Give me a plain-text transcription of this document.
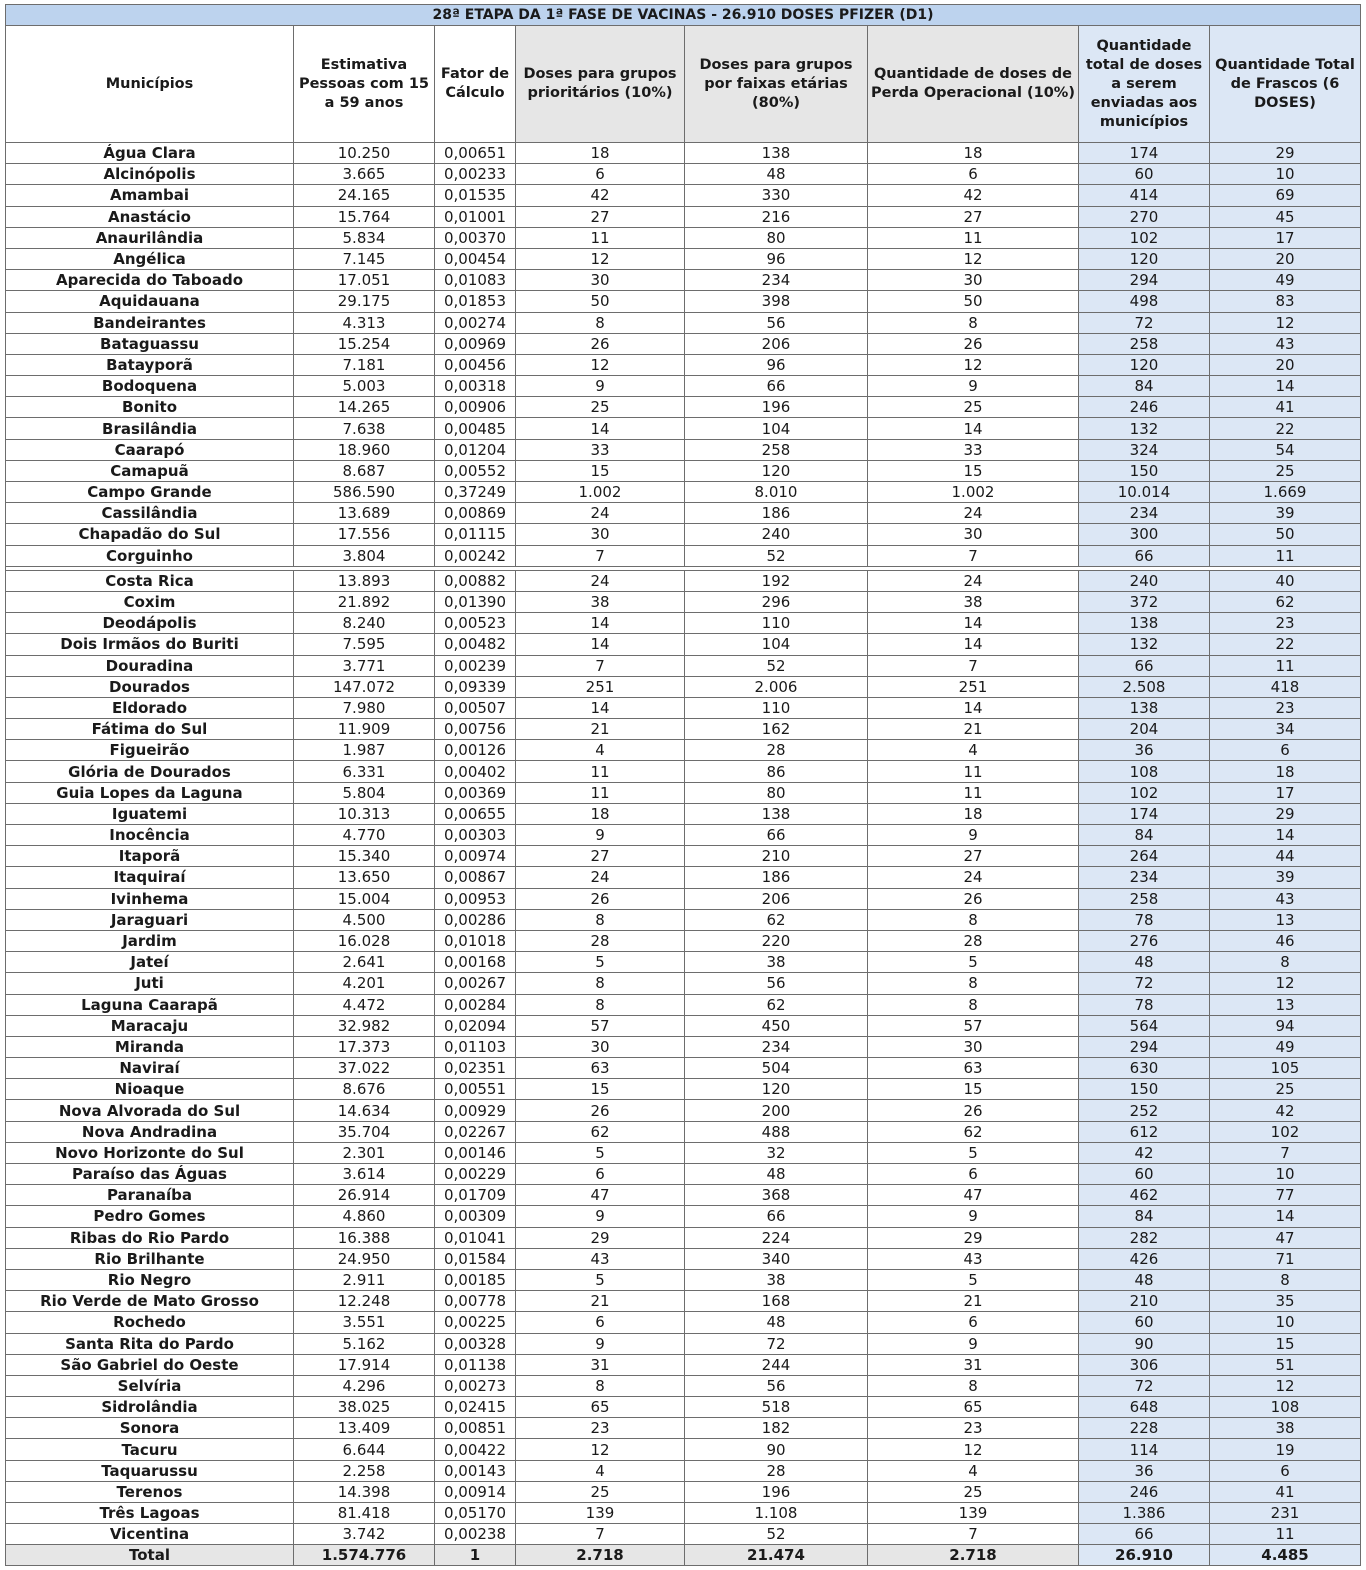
28ª ETAPA DA 1ª FASE DE VACINAS - 26.910 DOSES PFIZER (D1)							
Municípios	Estimativa Pessoas com 15 a 59 anos	Fator de Cálculo	Doses para grupos prioritários (10%)	Doses para grupos por faixas etárias (80%)	Quantidade de doses de Perda Operacional (10%)	Quantidade total de doses a serem enviadas aos municípios	Quantidade Total de Frascos (6 DOSES)
Água Clara	10.250	0,00651	18	138	18	174	29
Alcinópolis	3.665	0,00233	6	48	6	60	10
Amambai	24.165	0,01535	42	330	42	414	69
Anastácio	15.764	0,01001	27	216	27	270	45
Anaurilândia	5.834	0,00370	11	80	11	102	17
Angélica	7.145	0,00454	12	96	12	120	20
Aparecida do Taboado	17.051	0,01083	30	234	30	294	49
Aquidauana	29.175	0,01853	50	398	50	498	83
Bandeirantes	4.313	0,00274	8	56	8	72	12
Bataguassu	15.254	0,00969	26	206	26	258	43
Batayporã	7.181	0,00456	12	96	12	120	20
Bodoquena	5.003	0,00318	9	66	9	84	14
Bonito	14.265	0,00906	25	196	25	246	41
Brasilândia	7.638	0,00485	14	104	14	132	22
Caarapó	18.960	0,01204	33	258	33	324	54
Camapuã	8.687	0,00552	15	120	15	150	25
Campo Grande	586.590	0,37249	1.002	8.010	1.002	10.014	1.669
Cassilândia	13.689	0,00869	24	186	24	234	39
Chapadão do Sul	17.556	0,01115	30	240	30	300	50
Corguinho	3.804	0,00242	7	52	7	66	11

Costa Rica	13.893	0,00882	24	192	24	240	40
Coxim	21.892	0,01390	38	296	38	372	62
Deodápolis	8.240	0,00523	14	110	14	138	23
Dois Irmãos do Buriti	7.595	0,00482	14	104	14	132	22
Douradina	3.771	0,00239	7	52	7	66	11
Dourados	147.072	0,09339	251	2.006	251	2.508	418
Eldorado	7.980	0,00507	14	110	14	138	23
Fátima do Sul	11.909	0,00756	21	162	21	204	34
Figueirão	1.987	0,00126	4	28	4	36	6
Glória de Dourados	6.331	0,00402	11	86	11	108	18
Guia Lopes da Laguna	5.804	0,00369	11	80	11	102	17
Iguatemi	10.313	0,00655	18	138	18	174	29
Inocência	4.770	0,00303	9	66	9	84	14
Itaporã	15.340	0,00974	27	210	27	264	44
Itaquiraí	13.650	0,00867	24	186	24	234	39
Ivinhema	15.004	0,00953	26	206	26	258	43
Jaraguari	4.500	0,00286	8	62	8	78	13
Jardim	16.028	0,01018	28	220	28	276	46
Jateí	2.641	0,00168	5	38	5	48	8
Juti	4.201	0,00267	8	56	8	72	12
Laguna Caarapã	4.472	0,00284	8	62	8	78	13
Maracaju	32.982	0,02094	57	450	57	564	94
Miranda	17.373	0,01103	30	234	30	294	49
Naviraí	37.022	0,02351	63	504	63	630	105
Nioaque	8.676	0,00551	15	120	15	150	25
Nova Alvorada do Sul	14.634	0,00929	26	200	26	252	42
Nova Andradina	35.704	0,02267	62	488	62	612	102
Novo Horizonte do Sul	2.301	0,00146	5	32	5	42	7
Paraíso das Águas	3.614	0,00229	6	48	6	60	10
Paranaíba	26.914	0,01709	47	368	47	462	77
Pedro Gomes	4.860	0,00309	9	66	9	84	14
Ribas do Rio Pardo	16.388	0,01041	29	224	29	282	47
Rio Brilhante	24.950	0,01584	43	340	43	426	71
Rio Negro	2.911	0,00185	5	38	5	48	8
Rio Verde de Mato Grosso	12.248	0,00778	21	168	21	210	35
Rochedo	3.551	0,00225	6	48	6	60	10
Santa Rita do Pardo	5.162	0,00328	9	72	9	90	15
São Gabriel do Oeste	17.914	0,01138	31	244	31	306	51
Selvíria	4.296	0,00273	8	56	8	72	12
Sidrolândia	38.025	0,02415	65	518	65	648	108
Sonora	13.409	0,00851	23	182	23	228	38
Tacuru	6.644	0,00422	12	90	12	114	19
Taquarussu	2.258	0,00143	4	28	4	36	6
Terenos	14.398	0,00914	25	196	25	246	41
Três Lagoas	81.418	0,05170	139	1.108	139	1.386	231
Vicentina	3.742	0,00238	7	52	7	66	11
Total	1.574.776	1	2.718	21.474	2.718	26.910	4.485
